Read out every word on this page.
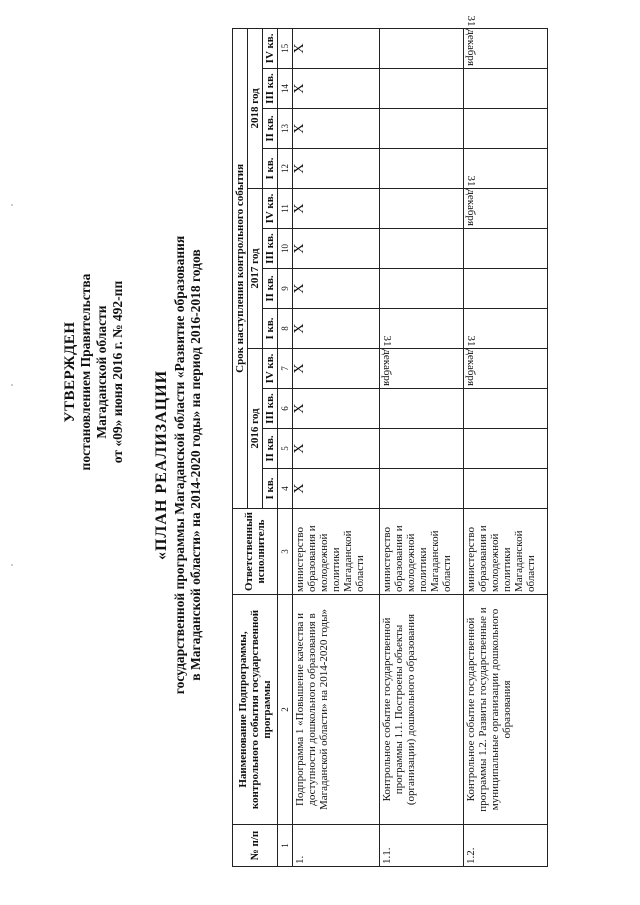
УТВЕРЖДЕН постановлением Правительства Магаданской области от «09» июня 2016 г. № 492-пп «ПЛАН РЕАЛИЗАЦИИ государственной программы Магаданской области «Развитие образования в Магаданской области» на 2014-2020 годы» на период 2016-2018 годов
№ п/п	Наименование Подпрограммы, контрольного события государственной программы	Ответственный исполнитель	Срок наступления контрольного события											
			2016 год				2017 год				2018 год			
			I кв.	II кв.	III кв.	IV кв.	I кв.	II кв.	III кв.	IV кв.	I кв.	II кв.	III кв.	IV кв.
1	2	3	4	5	6	7	8	9	10	11	12	13	14	15
1.	Подпрограмма 1 «Повышение качества и доступности дошкольного образования в Магаданской области» на 2014-2020 годы»	министерство образования и молодежной политики Магаданской области	X	X	X	X	X	X	X	X	X	X	X	X
1.1.	Контрольное событие государственной программы 1.1. Построены объекты (организации) дошкольного образования	министерство образования и молодежной политики Магаданской области				31 декабря								
1.2.	Контрольное событие государственной программы 1.2. Развиты государственные и муниципальные организации дошкольного образования	министерство образования и молодежной политики Магаданской области				31 декабря				31 декабря				31 декабря
